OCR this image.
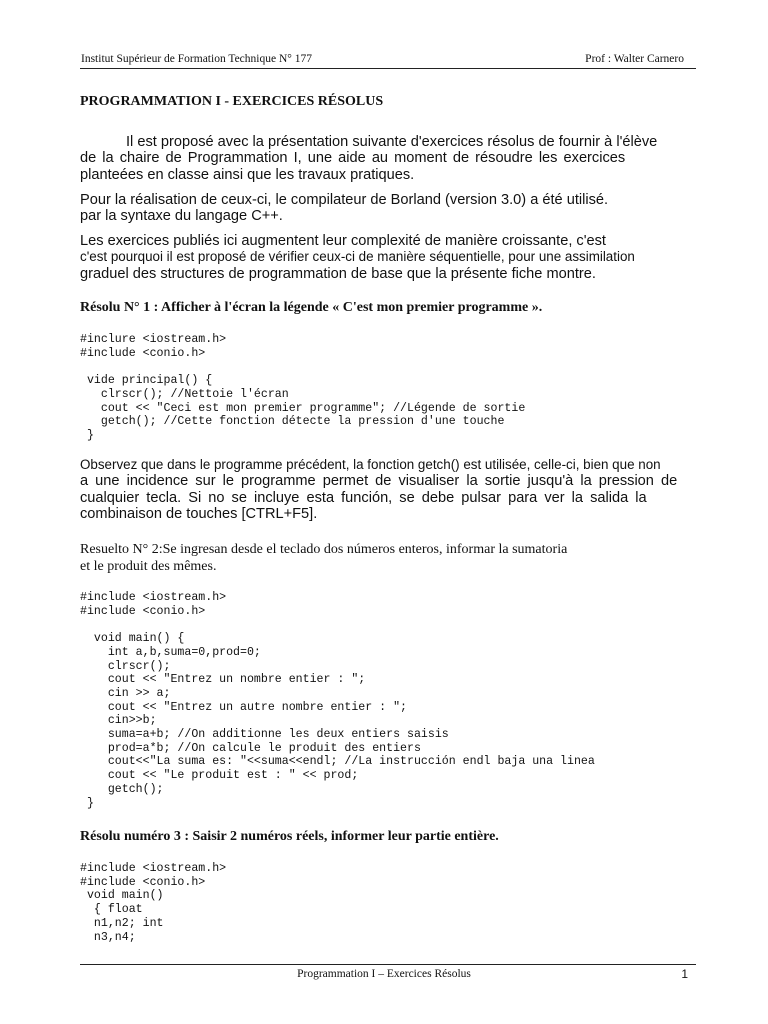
Institut Supérieur de Formation Technique N° 177	Prof : Walter Carnero
PROGRAMMATION I - EXERCICES RÉSOLUS
Il est proposé avec la présentation suivante d'exercices résolus de fournir à l'élève
de la chaire de Programmation I, une aide au moment de résoudre les exercices
planteées en classe ainsi que les travaux pratiques.
Pour la réalisation de ceux-ci, le compilateur de Borland (version 3.0) a été utilisé.
par la syntaxe du langage C++.
Les exercices publiés ici augmentent leur complexité de manière croissante, c'est
c'est pourquoi il est proposé de vérifier ceux-ci de manière séquentielle, pour une assimilation
graduel des structures de programmation de base que la présente fiche montre.
Résolu N° 1 : Afficher à l'écran la légende « C'est mon premier programme ».
#inclure <iostream.h>
#include <conio.h>

vide principal() {
clrscr(); //Nettoie l'écran
cout << "Ceci est mon premier programme"; //Légende de sortie
getch(); //Cette fonction détecte la pression d'une touche
}
Observez que dans le programme précédent, la fonction getch() est utilisée, celle-ci, bien que non
a une incidence sur le programme permet de visualiser la sortie jusqu'à la pression de
cualquier tecla. Si no se incluye esta función, se debe pulsar para ver la salida la
combinaison de touches [CTRL+F5].
Resuelto N° 2:Se ingresan desde el teclado dos números enteros, informar la sumatoria
et le produit des mêmes.
#include <iostream.h>
#include <conio.h>

void main() {
int a,b,suma=0,prod=0;
clrscr();
cout << "Entrez un nombre entier : ";
cin >> a;
cout << "Entrez un autre nombre entier : ";
cin>>b;
suma=a+b; //On additionne les deux entiers saisis
prod=a*b; //On calcule le produit des entiers
cout<<"La suma es: "<<suma<<endl; //La instrucción endl baja una linea
cout << "Le produit est : " << prod;
getch();
}
Résolu numéro 3 : Saisir 2 numéros réels, informer leur partie entière.
#include <iostream.h>
#include <conio.h>
void main()
{ float
n1,n2; int
n3,n4;
Programmation I – Exercices Résolus	1
